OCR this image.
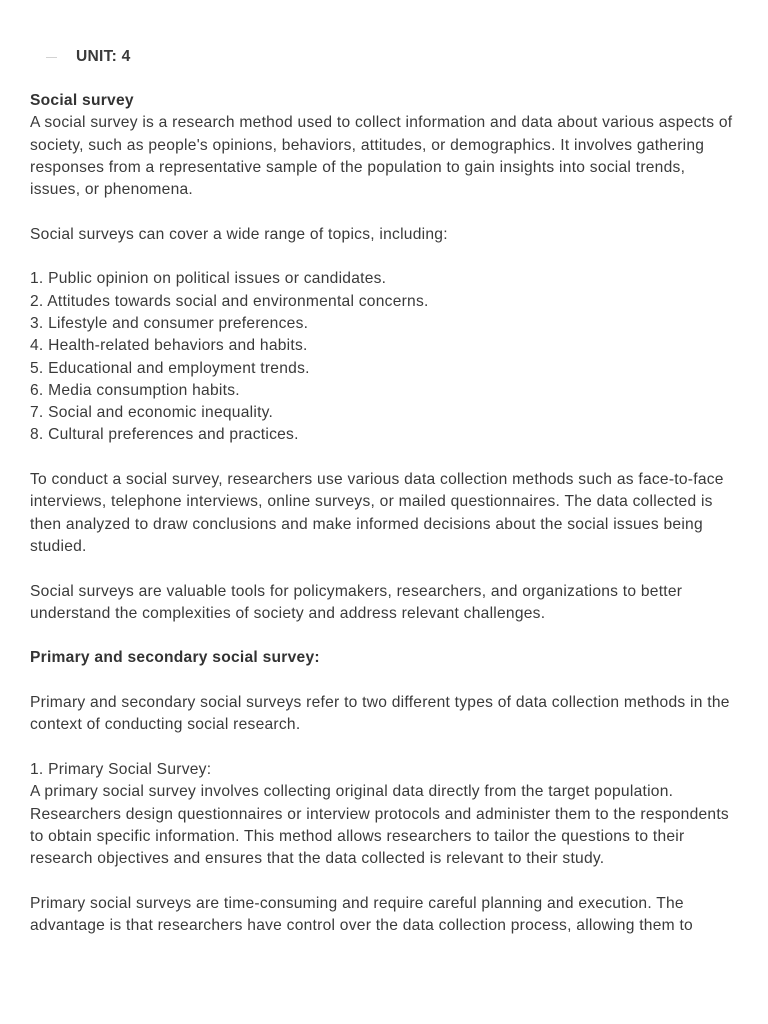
UNIT: 4

Social survey

A social survey is a research method used to collect information and data about various aspects of society, such as people's opinions, behaviors, attitudes, or demographics. It involves gathering responses from a representative sample of the population to gain insights into social trends, issues, or phenomena.

Social surveys can cover a wide range of topics, including:

1. Public opinion on political issues or candidates.

2. Attitudes towards social and environmental concerns.

3. Lifestyle and consumer preferences.

4. Health-related behaviors and habits.

5. Educational and employment trends.

6. Media consumption habits.

7. Social and economic inequality.

8. Cultural preferences and practices.

To conduct a social survey, researchers use various data collection methods such as face-to-face interviews, telephone interviews, online surveys, or mailed questionnaires. The data collected is then analyzed to draw conclusions and make informed decisions about the social issues being studied.

Social surveys are valuable tools for policymakers, researchers, and organizations to better understand the complexities of society and address relevant challenges.

Primary and secondary social survey:

Primary and secondary social surveys refer to two different types of data collection methods in the context of conducting social research.

1. Primary Social Survey:

A primary social survey involves collecting original data directly from the target population. Researchers design questionnaires or interview protocols and administer them to the respondents to obtain specific information. This method allows researchers to tailor the questions to their research objectives and ensures that the data collected is relevant to their study.

Primary social surveys are time-consuming and require careful planning and execution. The advantage is that researchers have control over the data collection process, allowing them to
